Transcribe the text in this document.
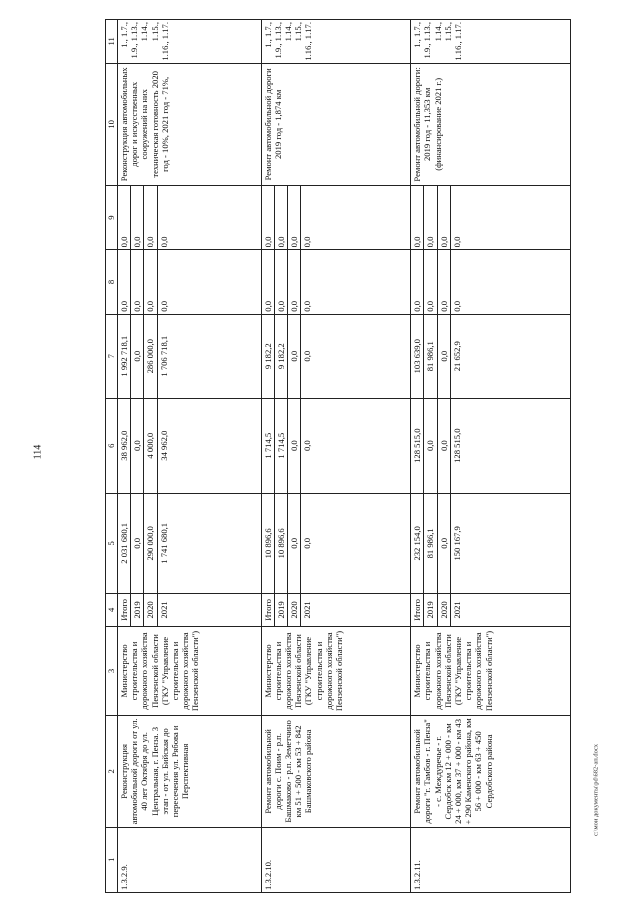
114
c:\мои документы\pd\682-ап.docx
1	2	3	4	5	6	7	8	9	10	11
1.3.2.9.	Реконструкция автомобильной дороги от ул. 40 лет Октября до ул. Центральная, г. Пенза. 3 этап - от ул. Бийская до пересечения ул. Рябова и Перспективная	Министерство строительства и дорожного хозяйства Пензенской области (ГКУ "Управление строительства и дорожного хозяйства Пензенской области")	Итого	2 031 680,1	38 962,0	1 992 718,1	0,0	0,0	Реконструкция автомобильных дорог и искусственных сооружений на них техническая готовность 2020 год - 10%, 2021 год - 71%,	1., 1.7., 1.9., 1.13., 1.14., 1.15., 1.16., 1.17.
			2019	0,0	0,0	0,0	0,0	0,0		
			2020	290 000,0	4 000,0	286 000,0	0,0	0,0		
			2021	1 741 680,1	34 962,0	1 706 718,1	0,0	0,0		
1.3.2.10.	Ремонт автомобильной дороги с. Поим - р.п. Башмаково - р.п. Земетчино км 51 + 500 - км 53 + 842 Башмаковского района	Министерство строительства и дорожного хозяйства Пензенской области (ГКУ "Управление строительства и дорожного хозяйства Пензенской области")	Итого	10 896,6	1 714,5	9 182,2	0,0	0,0	Ремонт автомобильной дороги 2019 год - 1,874 км	1., 1.7., 1.9., 1.13., 1.14., 1.15., 1.16., 1.17.
			2019	10 896,6	1 714,5	9 182,2	0,0	0,0		
			2020	0,0	0,0	0,0	0,0	0,0		
			2021	0,0	0,0	0,0	0,0	0,0		
1.3.2.11.	Ремонт автомобильной дороги "г. Тамбов - г. Пенза" - с. Междуречье - г. Сердобск км 12 + 000 - км 24 + 000, км 37 + 000 - км 43 + 290 Каменского района, км 56 + 000 - км 63 + 450 Сердобского района	Министерство строительства и дорожного хозяйства Пензенской области (ГКУ "Управление строительства и дорожного хозяйства Пензенской области")	Итого	232 154,0	128 515,0	103 639,0	0,0	0,0	Ремонт автомобильной дороги: 2019 год - 11,353 км (финансирование 2021 г.)	1., 1.7., 1.9., 1.13., 1.14., 1.15., 1.16., 1.17.
			2019	81 986,1	0,0	81 986,1	0,0	0,0		
			2020	0,0	0,0	0,0	0,0	0,0		
			2021	150 167,9	128 515,0	21 652,9	0,0	0,0		
